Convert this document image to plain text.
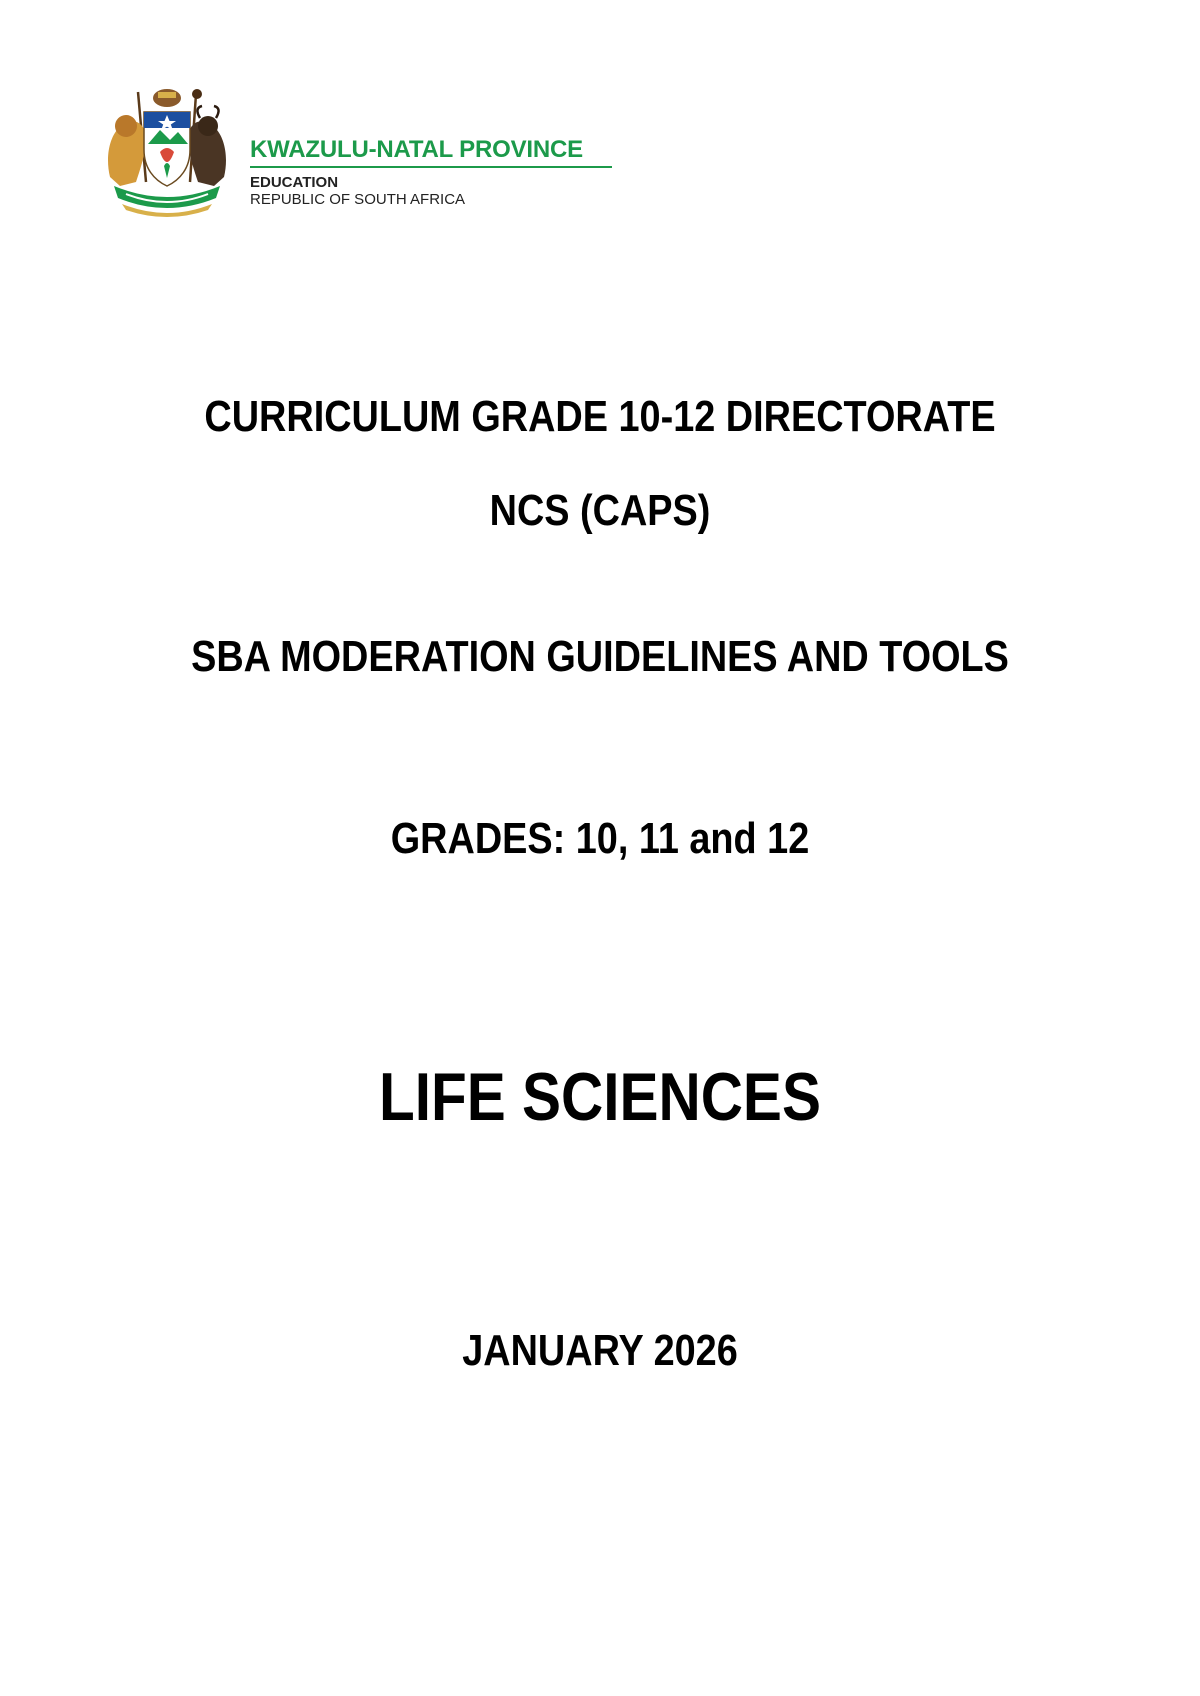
KWAZULU-NATAL PROVINCE
EDUCATION
REPUBLIC OF SOUTH AFRICA
CURRICULUM GRADE 10-12 DIRECTORATE
NCS (CAPS)
SBA MODERATION GUIDELINES AND TOOLS
GRADES: 10, 11 and 12
LIFE SCIENCES
JANUARY 2026
